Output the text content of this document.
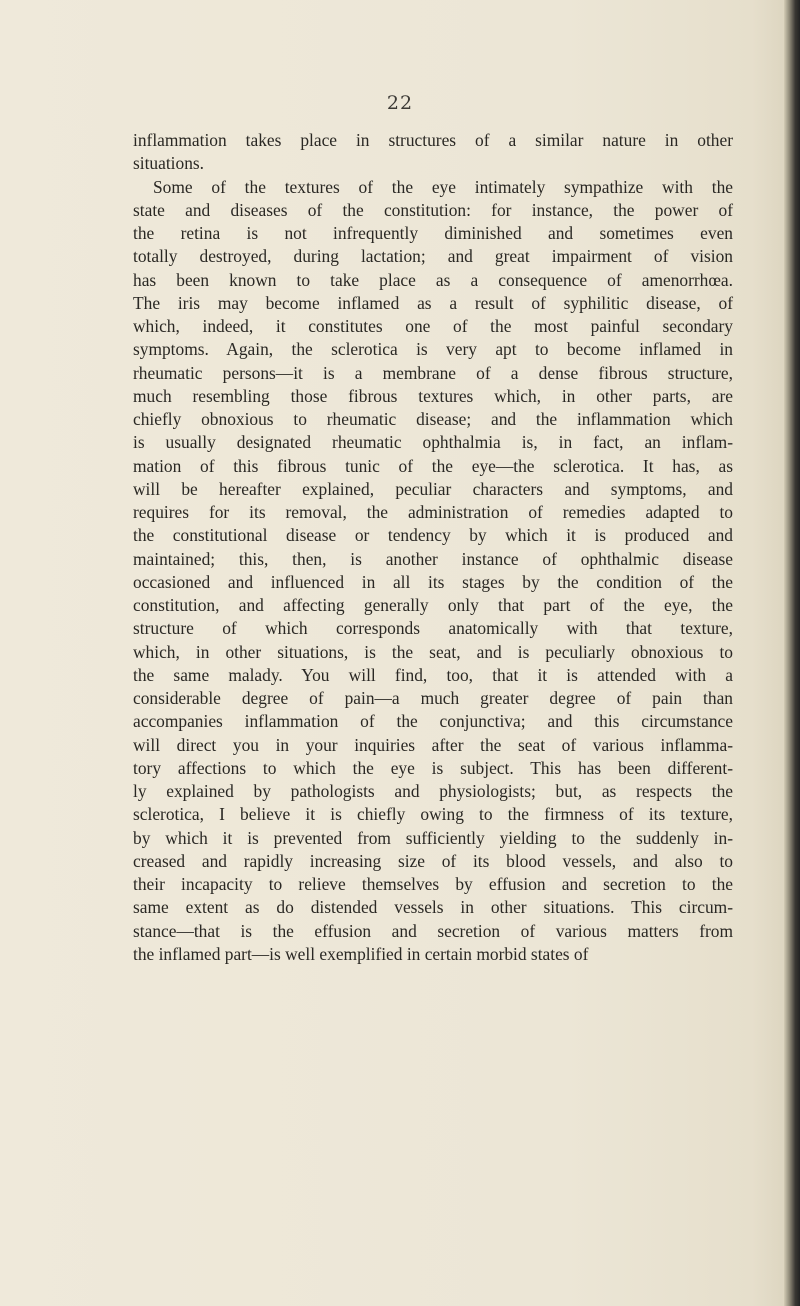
22
inflammation takes place in structures of a similar nature in other
situations.
Some of the textures of the eye intimately sympathize with the
state and diseases of the constitution: for instance, the power of
the retina is not infrequently diminished and sometimes even
totally destroyed, during lactation; and great impairment of vision
has been known to take place as a consequence of amenorrhœa.
The iris may become inflamed as a result of syphilitic disease, of
which, indeed, it constitutes one of the most painful secondary
symptoms. Again, the sclerotica is very apt to become inflamed in
rheumatic persons—it is a membrane of a dense fibrous structure,
much resembling those fibrous textures which, in other parts, are
chiefly obnoxious to rheumatic disease; and the inflammation which
is usually designated rheumatic ophthalmia is, in fact, an inflam-
mation of this fibrous tunic of the eye—the sclerotica. It has, as
will be hereafter explained, peculiar characters and symptoms, and
requires for its removal, the administration of remedies adapted to
the constitutional disease or tendency by which it is produced and
maintained; this, then, is another instance of ophthalmic disease
occasioned and influenced in all its stages by the condition of the
constitution, and affecting generally only that part of the eye, the
structure of which corresponds anatomically with that texture,
which, in other situations, is the seat, and is peculiarly obnoxious to
the same malady. You will find, too, that it is attended with a
considerable degree of pain—a much greater degree of pain than
accompanies inflammation of the conjunctiva; and this circumstance
will direct you in your inquiries after the seat of various inflamma-
tory affections to which the eye is subject. This has been different-
ly explained by pathologists and physiologists; but, as respects the
sclerotica, I believe it is chiefly owing to the firmness of its texture,
by which it is prevented from sufficiently yielding to the suddenly in-
creased and rapidly increasing size of its blood vessels, and also to
their incapacity to relieve themselves by effusion and secretion to the
same extent as do distended vessels in other situations. This circum-
stance—that is the effusion and secretion of various matters from
the inflamed part—is well exemplified in certain morbid states of
